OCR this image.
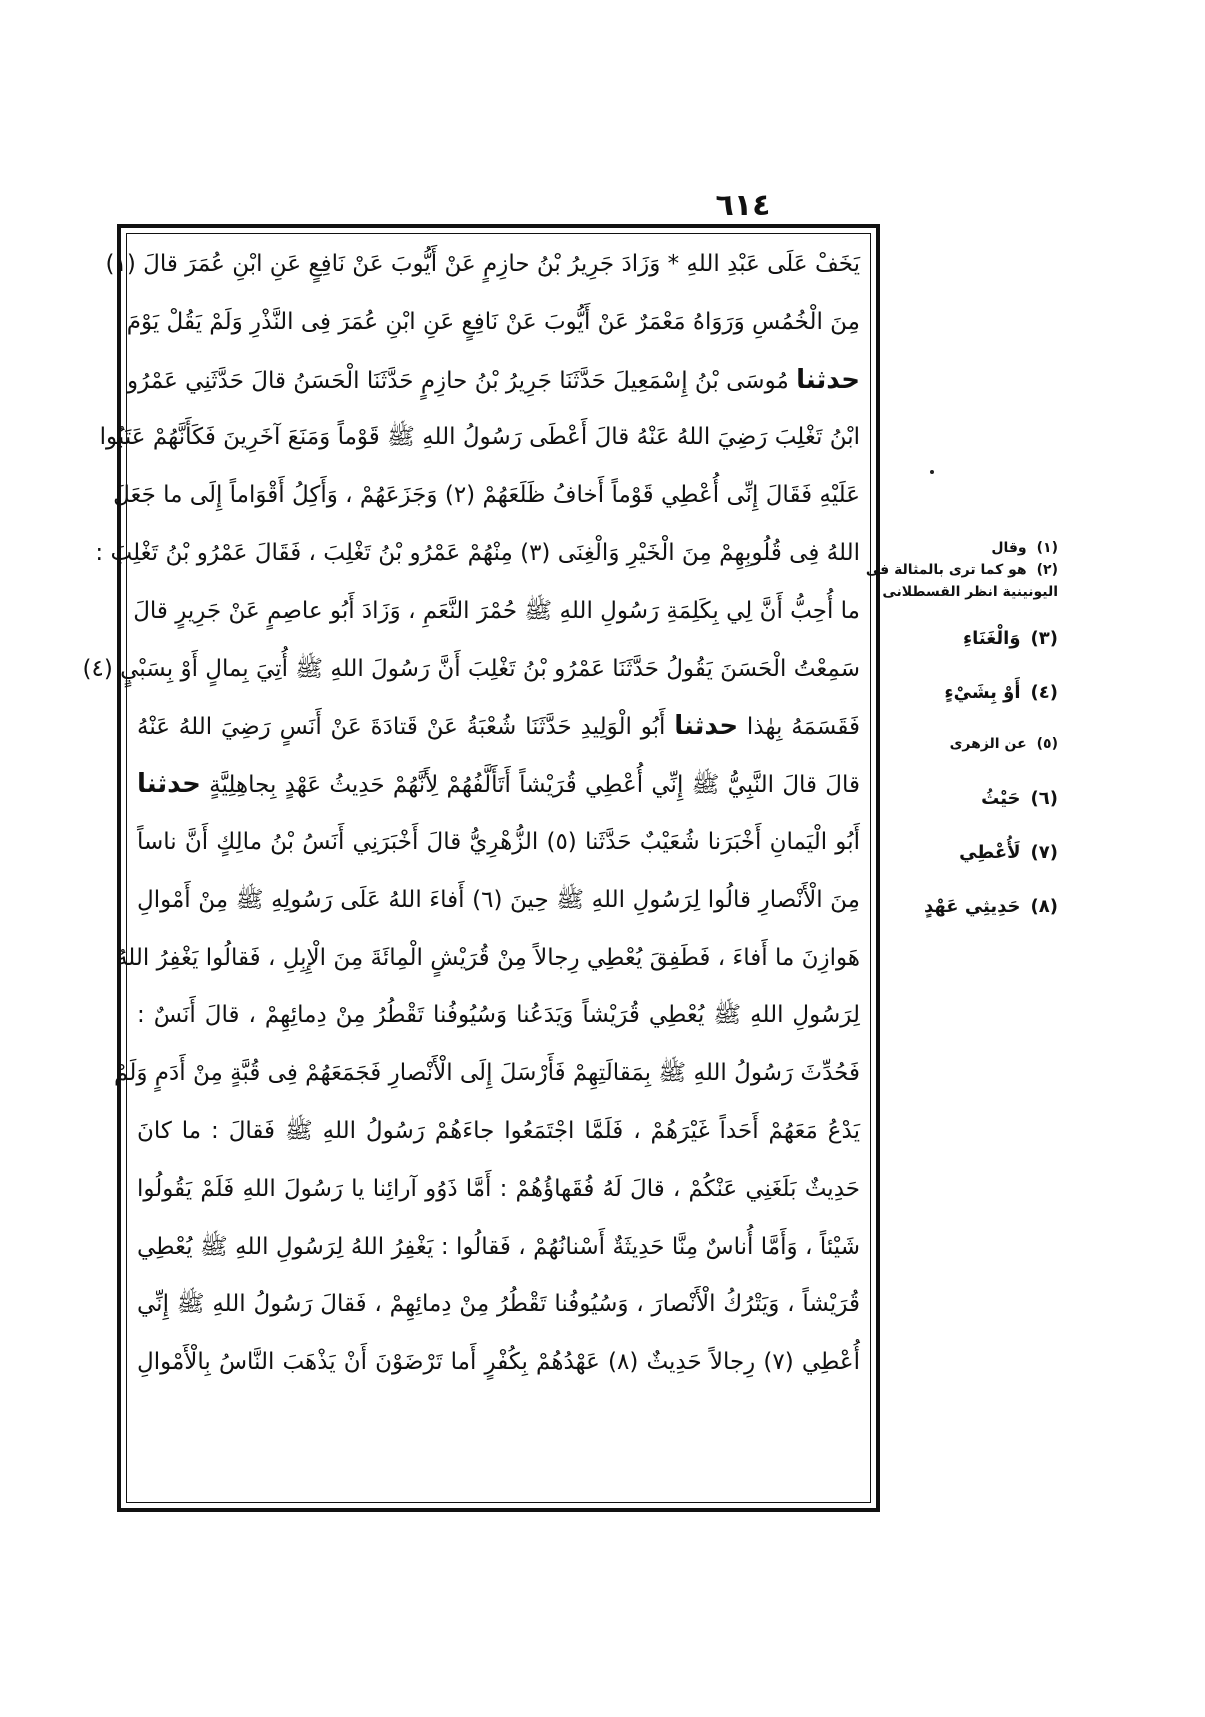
٦١٤
يَخَفْ عَلَى عَبْدِ اللهِ * وَزَادَ جَرِيرُ بْنُ حازِمٍ عَنْ أَيُّوبَ عَنْ نَافِعٍ عَنِ ابْنِ عُمَرَ قالَ (١)
مِنَ الْخُمُسِ وَرَوَاهُ مَعْمَرٌ عَنْ أَيُّوبَ عَنْ نَافِعٍ عَنِ ابْنِ عُمَرَ فِى النَّذْرِ وَلَمْ يَقُلْ يَوْمَ
حدثنا مُوسَى بْنُ إِسْمَعِيلَ حَدَّثَنَا جَرِيرُ بْنُ حازِمٍ حَدَّثَنَا الْحَسَنُ قالَ حَدَّثَنِي عَمْرُو
ابْنُ تَغْلِبَ رَضِيَ اللهُ عَنْهُ قالَ أَعْطَى رَسُولُ اللهِ ﷺ قَوْماً وَمَنَعَ آخَرِينَ فَكَأَنَّهُمْ عَتَبُوا
عَلَيْهِ فَقَالَ إِنِّى أُعْطِي قَوْماً أَخافُ ظَلَعَهُمْ (٢) وَجَزَعَهُمْ ، وَأَكِلُ أَقْوَاماً إِلَى ما جَعَلَ
اللهُ فِى قُلُوبِهِمْ مِنَ الْخَيْرِ وَالْغِنَى (٣) مِنْهُمْ عَمْرُو بْنُ تَغْلِبَ ، فَقَالَ عَمْرُو بْنُ تَغْلِبَ :
ما أُحِبُّ أَنَّ لِي بِكَلِمَةِ رَسُولِ اللهِ ﷺ حُمْرَ النَّعَمِ ، وَزَادَ أَبُو عاصِمٍ عَنْ جَرِيرٍ قالَ
سَمِعْتُ الْحَسَنَ يَقُولُ حَدَّثَنَا عَمْرُو بْنُ تَغْلِبَ أَنَّ رَسُولَ اللهِ ﷺ أُتِيَ بِمالٍ أَوْ بِسَبْيٍ (٤)
فَقَسَمَهُ بِهٰذا حدثنا أَبُو الْوَلِيدِ حَدَّثَنَا شُعْبَةُ عَنْ قَتادَةَ عَنْ أَنَسٍ رَضِيَ اللهُ عَنْهُ
قالَ قالَ النَّبِيُّ ﷺ إِنِّي أُعْطِي قُرَيْشاً أَتَأَلَّفُهُمْ لِأَنَّهُمْ حَدِيثُ عَهْدٍ بِجاهِلِيَّةٍ حدثنا
أَبُو الْيَمانِ أَخْبَرَنا شُعَيْبٌ حَدَّثَنا (٥) الزُّهْرِيُّ قالَ أَخْبَرَنِي أَنَسُ بْنُ مالِكٍ أَنَّ ناساً
مِنَ الْأَنْصارِ قالُوا لِرَسُولِ اللهِ ﷺ حِينَ (٦) أَفاءَ اللهُ عَلَى رَسُولِهِ ﷺ مِنْ أَمْوالِ
هَوازِنَ ما أَفاءَ ، فَطَفِقَ يُعْطِي رِجالاً مِنْ قُرَيْشٍ الْمِائَةَ مِنَ الْإِبِلِ ، فَقالُوا يَغْفِرُ اللهُ
لِرَسُولِ اللهِ ﷺ يُعْطِي قُرَيْشاً وَيَدَعُنا وَسُيُوفُنا تَقْطُرُ مِنْ دِمائِهِمْ ، قالَ أَنَسٌ :
فَحُدِّثَ رَسُولُ اللهِ ﷺ بِمَقالَتِهِمْ فَأَرْسَلَ إِلَى الْأَنْصارِ فَجَمَعَهُمْ فِى قُبَّةٍ مِنْ أَدَمٍ وَلَمْ
يَدْعُ مَعَهُمْ أَحَداً غَيْرَهُمْ ، فَلَمَّا اجْتَمَعُوا جاءَهُمْ رَسُولُ اللهِ ﷺ فَقالَ : ما كانَ
حَدِيثٌ بَلَغَنِي عَنْكُمْ ، قالَ لَهُ فُقَهاؤُهُمْ : أَمَّا ذَوُو آرائِنا يا رَسُولَ اللهِ فَلَمْ يَقُولُوا
شَيْئاً ، وَأَمَّا أُناسٌ مِنَّا حَدِيثَةٌ أَسْنانُهُمْ ، فَقالُوا : يَغْفِرُ اللهُ لِرَسُولِ اللهِ ﷺ يُعْطِي
قُرَيْشاً ، وَيَتْرُكُ الْأَنْصارَ ، وَسُيُوفُنا تَقْطُرُ مِنْ دِمائِهِمْ ، فَقالَ رَسُولُ اللهِ ﷺ إِنِّي
أُعْطِي (٧) رِجالاً حَدِيثٌ (٨) عَهْدُهُمْ بِكُفْرٍ أَما تَرْضَوْنَ أَنْ يَذْهَبَ النَّاسُ بِالْأَمْوالِ
(١)وقال
(٢)هو كما ترى بالمثالة فى
اليونينية انظر القسطلانى
(٣)وَالْغَنَاءِ
(٤)أَوْ بِشَيْءٍ
(٥)عن الزهرى
(٦)حَيْثُ
(٧)لَأُعْطِي
(٨)حَدِيثِي عَهْدٍ
